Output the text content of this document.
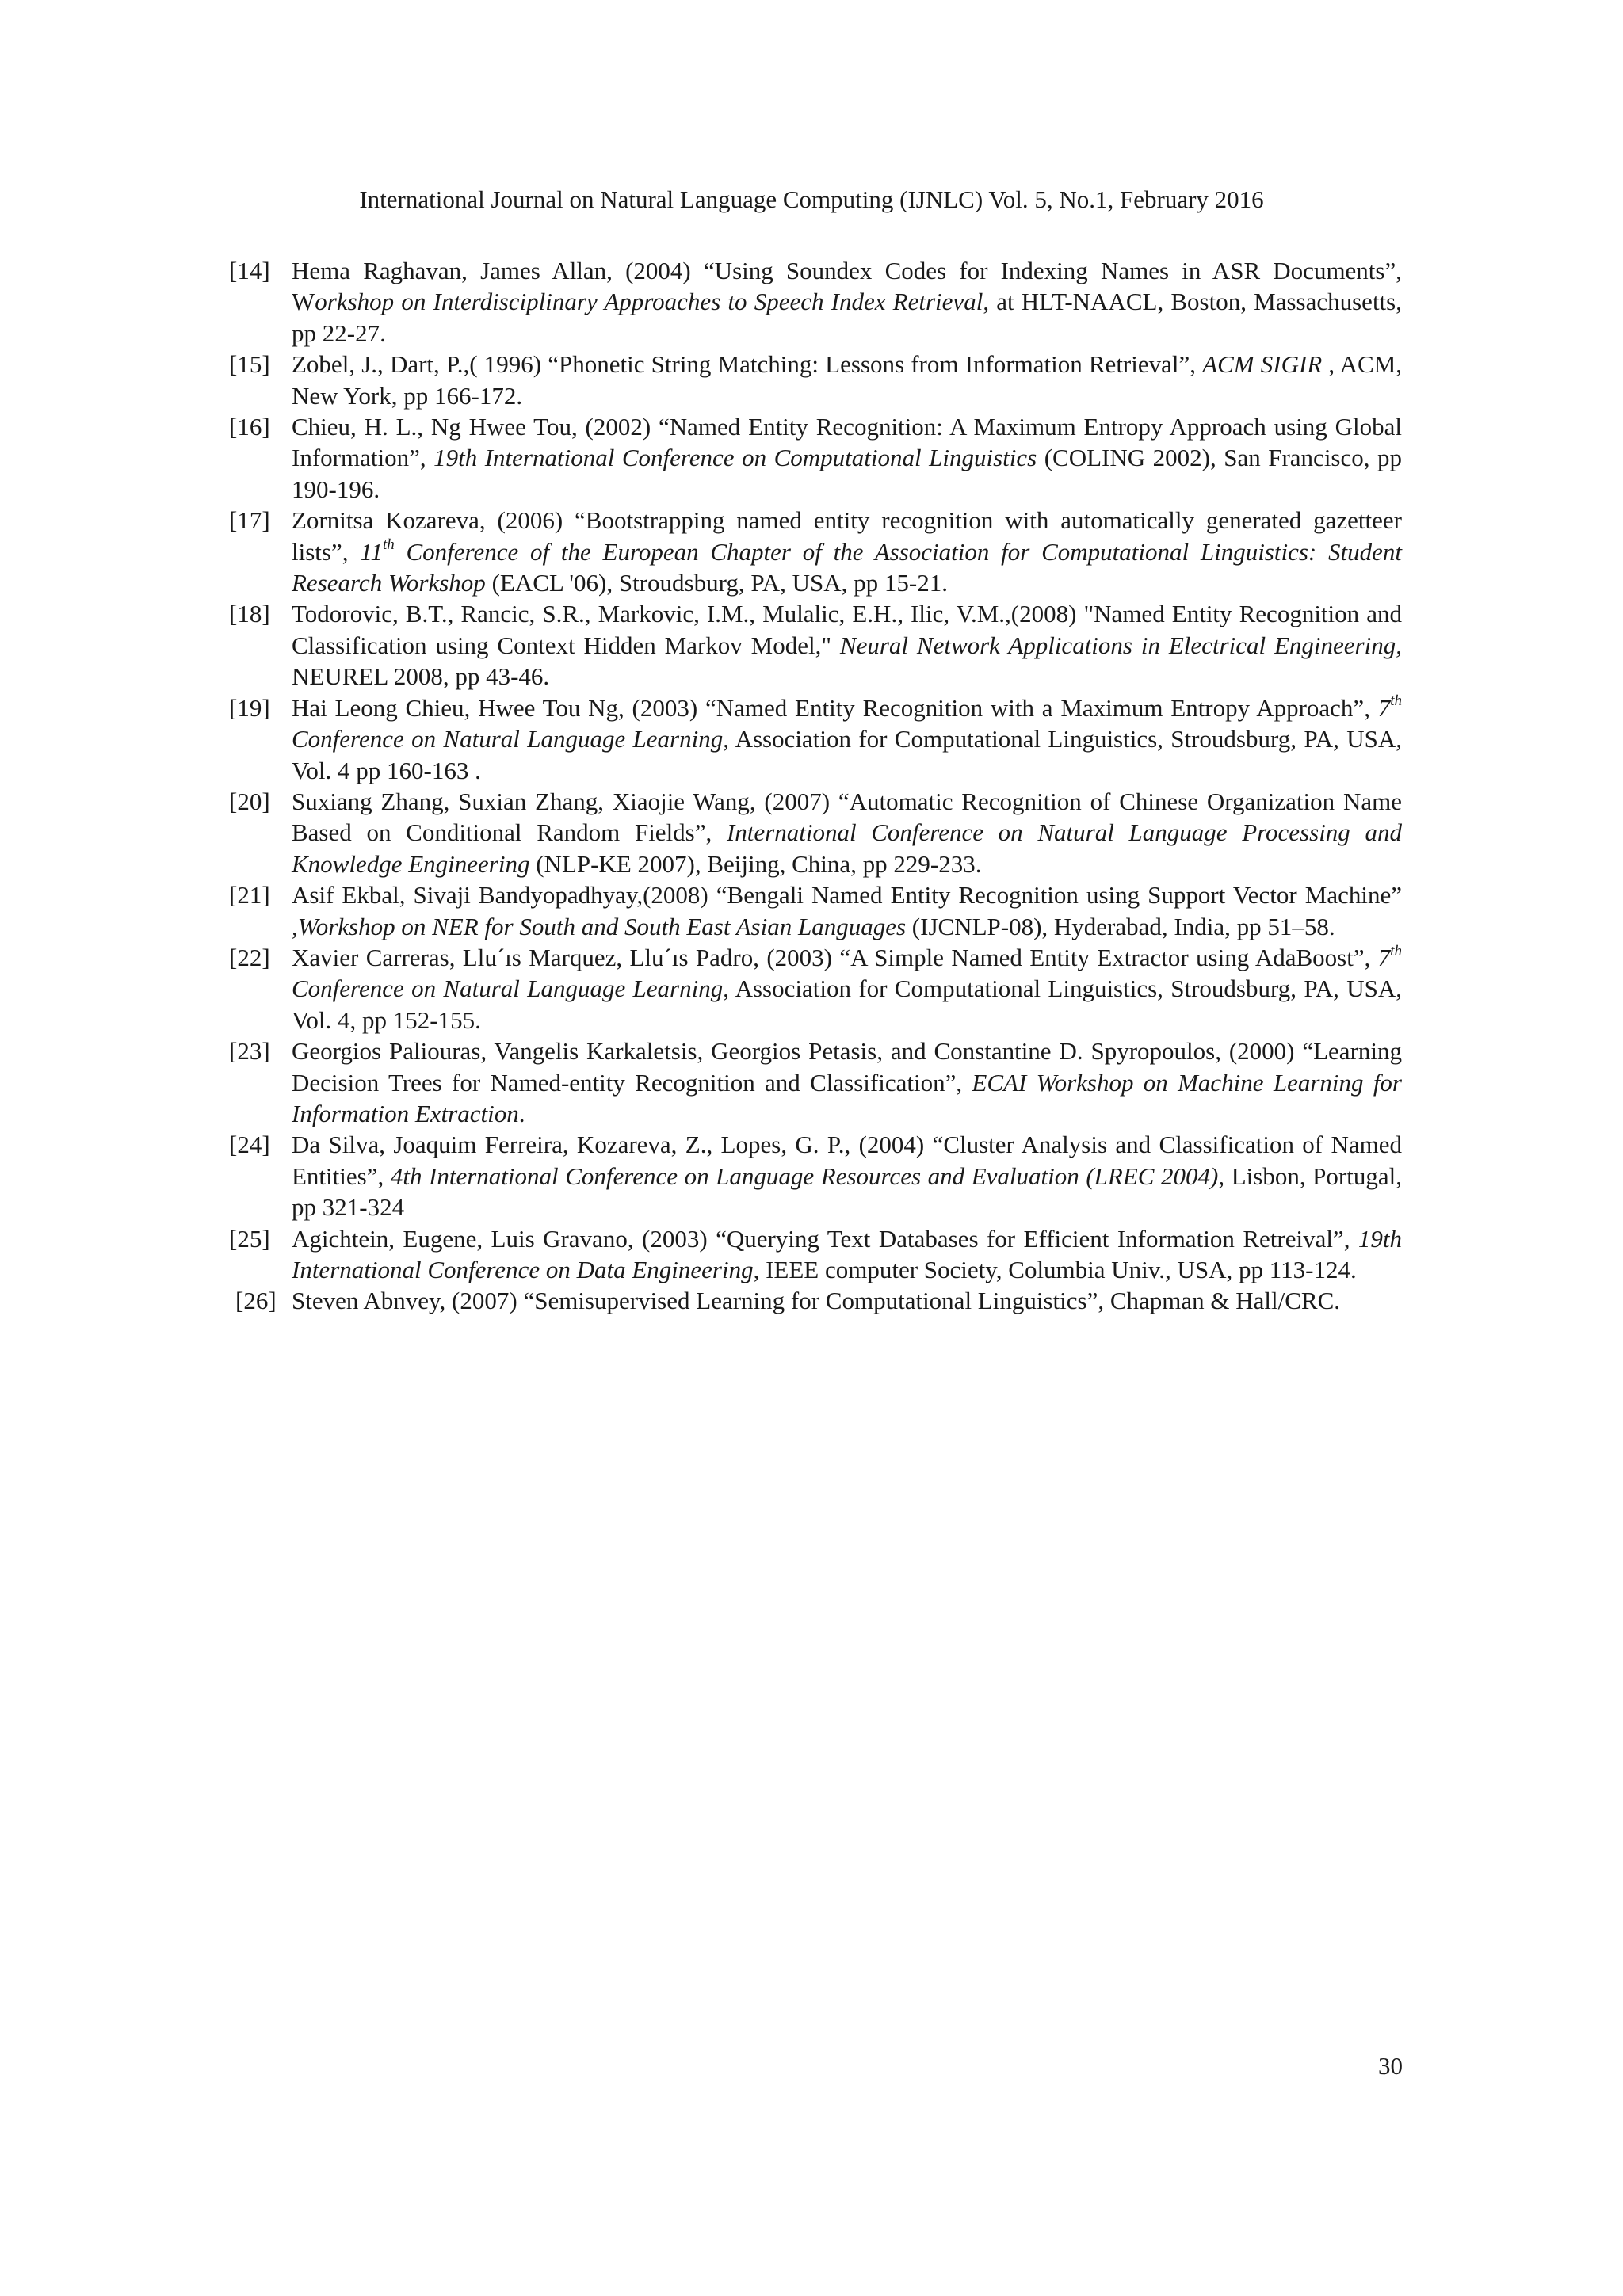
International Journal on Natural Language Computing (IJNLC) Vol. 5, No.1, February 2016
[14] Hema Raghavan, James Allan, (2004) “Using Soundex Codes for Indexing Names in ASR Documents”, Workshop on Interdisciplinary Approaches to Speech Index Retrieval, at HLT-NAACL, Boston, Massachusetts, pp 22-27.
[15] Zobel, J., Dart, P.,( 1996) “Phonetic String Matching: Lessons from Information Retrieval”, ACM SIGIR , ACM, New York, pp 166-172.
[16] Chieu, H. L., Ng Hwee Tou, (2002) “Named Entity Recognition: A Maximum Entropy Approach using Global Information”, 19th International Conference on Computational Linguistics (COLING 2002), San Francisco, pp 190-196.
[17] Zornitsa Kozareva, (2006) “Bootstrapping named entity recognition with automatically generated gazetteer lists”, 11th Conference of the European Chapter of the Association for Computational Linguistics: Student Research Workshop (EACL '06), Stroudsburg, PA, USA, pp 15-21.
[18] Todorovic, B.T., Rancic, S.R., Markovic, I.M., Mulalic, E.H., Ilic, V.M.,(2008) "Named Entity Recognition and Classification using Context Hidden Markov Model," Neural Network Applications in Electrical Engineering, NEUREL 2008, pp 43-46.
[19] Hai Leong Chieu, Hwee Tou Ng, (2003) “Named Entity Recognition with a Maximum Entropy Approach”, 7th Conference on Natural Language Learning, Association for Computational Linguistics, Stroudsburg, PA, USA, Vol. 4 pp 160-163 .
[20] Suxiang Zhang, Suxian Zhang, Xiaojie Wang, (2007) “Automatic Recognition of Chinese Organization Name Based on Conditional Random Fields”, International Conference on Natural Language Processing and Knowledge Engineering (NLP-KE 2007), Beijing, China, pp 229-233.
[21] Asif Ekbal, Sivaji Bandyopadhyay,(2008) “Bengali Named Entity Recognition using Support Vector Machine” ,Workshop on NER for South and South East Asian Languages (IJCNLP-08), Hyderabad, India, pp 51–58.
[22] Xavier Carreras, Llu´ıs Marquez, Llu´ıs Padro, (2003) “A Simple Named Entity Extractor using AdaBoost”, 7th Conference on Natural Language Learning, Association for Computational Linguistics, Stroudsburg, PA, USA, Vol. 4, pp 152-155.
[23] Georgios Paliouras, Vangelis Karkaletsis, Georgios Petasis, and Constantine D. Spyropoulos, (2000) “Learning Decision Trees for Named-entity Recognition and Classification”, ECAI Workshop on Machine Learning for Information Extraction.
[24] Da Silva, Joaquim Ferreira, Kozareva, Z., Lopes, G. P., (2004) “Cluster Analysis and Classification of Named Entities”, 4th International Conference on Language Resources and Evaluation (LREC 2004), Lisbon, Portugal, pp 321-324
[25] Agichtein, Eugene, Luis Gravano, (2003) “Querying Text Databases for Efficient Information Retreival”, 19th International Conference on Data Engineering, IEEE computer Society, Columbia Univ., USA, pp 113-124.
[26] Steven Abnvey, (2007) “Semisupervised Learning for Computational Linguistics”, Chapman & Hall/CRC.
30
